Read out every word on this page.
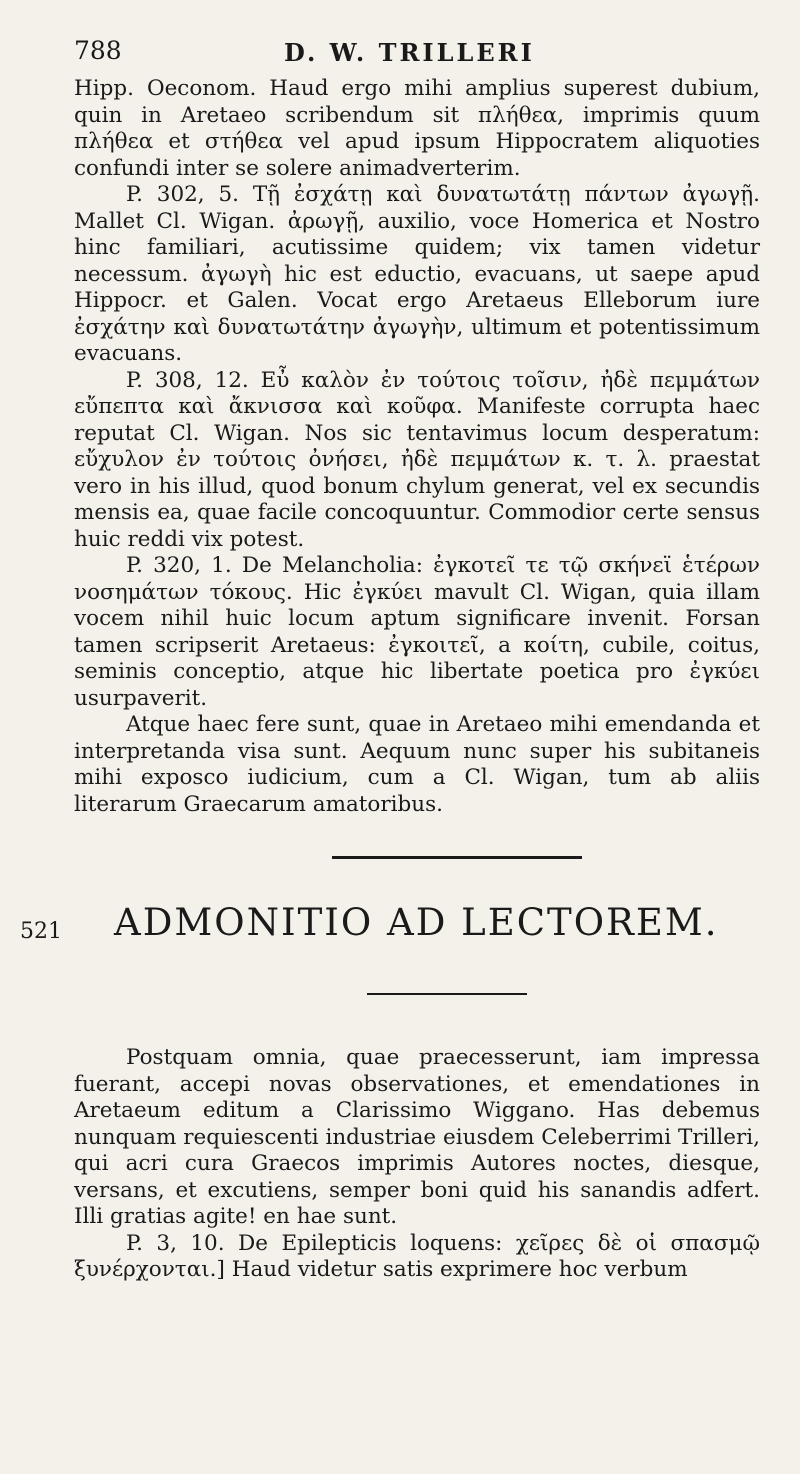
788	D. W. TRILLERI

Hipp. Oeconom. Haud ergo mihi amplius superest dubium, quin in Aretaeo scribendum sit πλήθεα, imprimis quum πλήθεα et στήθεα vel apud ipsum Hippocratem aliquoties confundi inter se solere animadverterim.

P. 302, 5. Τῇ ἐσχάτῃ καὶ δυνατωτάτῃ πάντων ἀγωγῇ. Mallet Cl. Wigan. ἀρωγῇ, auxilio, voce Homerica et Nostro hinc familiari, acutissime quidem; vix tamen videtur necessum. ἀγωγὴ hic est eductio, evacuans, ut saepe apud Hippocr. et Galen. Vocat ergo Aretaeus Elleborum iure ἐσχάτην καὶ δυνατωτάτην ἀγωγὴν, ultimum et potentissimum evacuans.

P. 308, 12. Εὖ καλὸν ἐν τούτοις τοῖσιν, ἠδὲ πεμμάτων εὔπεπτα καὶ ἄκνισσα καὶ κοῦφα. Manifeste corrupta haec reputat Cl. Wigan. Nos sic tentavimus locum desperatum: εὔχυλον ἐν τούτοις ὀνήσει, ἠδὲ πεμμάτων κ. τ. λ. praestat vero in his illud, quod bonum chylum generat, vel ex secundis mensis ea, quae facile concoquuntur. Commodior certe sensus huic reddi vix potest.

P. 320, 1. De Melancholia: ἐγκοτεῖ τε τῷ σκήνεϊ ἑτέρων νοσημάτων τόκους. Hic ἐγκύει mavult Cl. Wigan, quia illam vocem nihil huic locum aptum significare invenit. Forsan tamen scripserit Aretaeus: ἐγκοιτεῖ, a κοίτη, cubile, coitus, seminis conceptio, atque hic libertate poetica pro ἐγκύει usurpaverit.

Atque haec fere sunt, quae in Aretaeo mihi emendanda et interpretanda visa sunt. Aequum nunc super his subitaneis mihi exposco iudicium, cum a Cl. Wigan, tum ab aliis literarum Graecarum amatoribus.

521 ADMONITIO AD LECTOREM.

Postquam omnia, quae praecesserunt, iam impressa fuerant, accepi novas observationes, et emendationes in Aretaeum editum a Clarissimo Wiggano. Has debemus nunquam requiescenti industriae eiusdem Celeberrimi Trilleri, qui acri cura Graecos imprimis Autores noctes, diesque, versans, et excutiens, semper boni quid his sanandis adfert. Illi gratias agite! en hae sunt.

P. 3, 10. De Epilepticis loquens: χεῖρες δὲ οἱ σπασμῷ ξυνέρχονται.] Haud videtur satis exprimere hoc verbum
